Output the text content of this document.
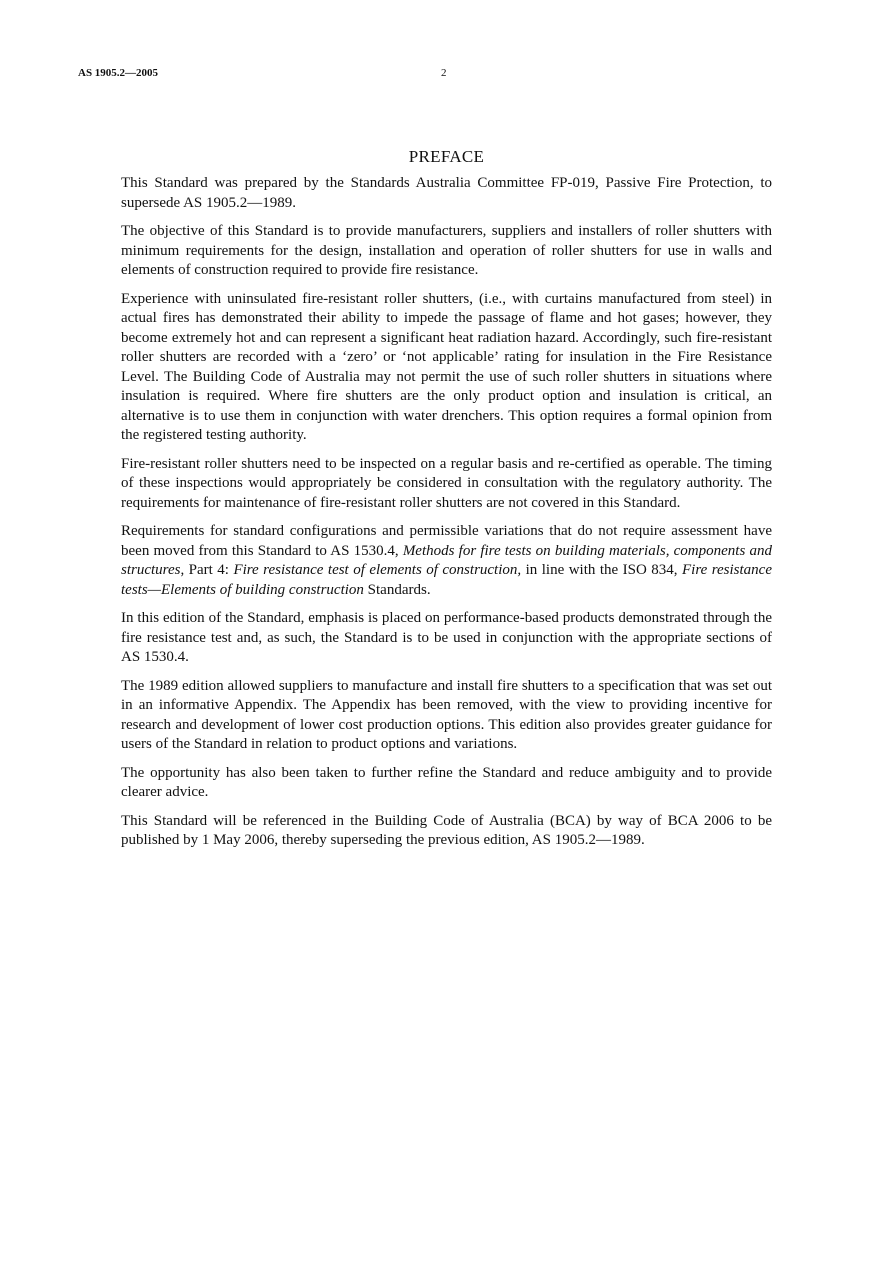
AS 1905.2—2005	2
PREFACE

This Standard was prepared by the Standards Australia Committee FP-019, Passive Fire Protection, to supersede AS 1905.2—1989.

The objective of this Standard is to provide manufacturers, suppliers and installers of roller shutters with minimum requirements for the design, installation and operation of roller shutters for use in walls and elements of construction required to provide fire resistance.

Experience with uninsulated fire-resistant roller shutters, (i.e., with curtains manufactured from steel) in actual fires has demonstrated their ability to impede the passage of flame and hot gases; however, they become extremely hot and can represent a significant heat radiation hazard. Accordingly, such fire-resistant roller shutters are recorded with a ‘zero’ or ‘not applicable’ rating for insulation in the Fire Resistance Level. The Building Code of Australia may not permit the use of such roller shutters in situations where insulation is required. Where fire shutters are the only product option and insulation is critical, an alternative is to use them in conjunction with water drenchers. This option requires a formal opinion from the registered testing authority.

Fire-resistant roller shutters need to be inspected on a regular basis and re-certified as operable. The timing of these inspections would appropriately be considered in consultation with the regulatory authority. The requirements for maintenance of fire-resistant roller shutters are not covered in this Standard.

Requirements for standard configurations and permissible variations that do not require assessment have been moved from this Standard to AS 1530.4, Methods for fire tests on building materials, components and structures, Part 4: Fire resistance test of elements of construction, in line with the ISO 834, Fire resistance tests—Elements of building construction Standards.

In this edition of the Standard, emphasis is placed on performance-based products demonstrated through the fire resistance test and, as such, the Standard is to be used in conjunction with the appropriate sections of AS 1530.4.

The 1989 edition allowed suppliers to manufacture and install fire shutters to a specification that was set out in an informative Appendix. The Appendix has been removed, with the view to providing incentive for research and development of lower cost production options. This edition also provides greater guidance for users of the Standard in relation to product options and variations.

The opportunity has also been taken to further refine the Standard and reduce ambiguity and to provide clearer advice.

This Standard will be referenced in the Building Code of Australia (BCA) by way of BCA 2006 to be published by 1 May 2006, thereby superseding the previous edition, AS 1905.2—1989.
